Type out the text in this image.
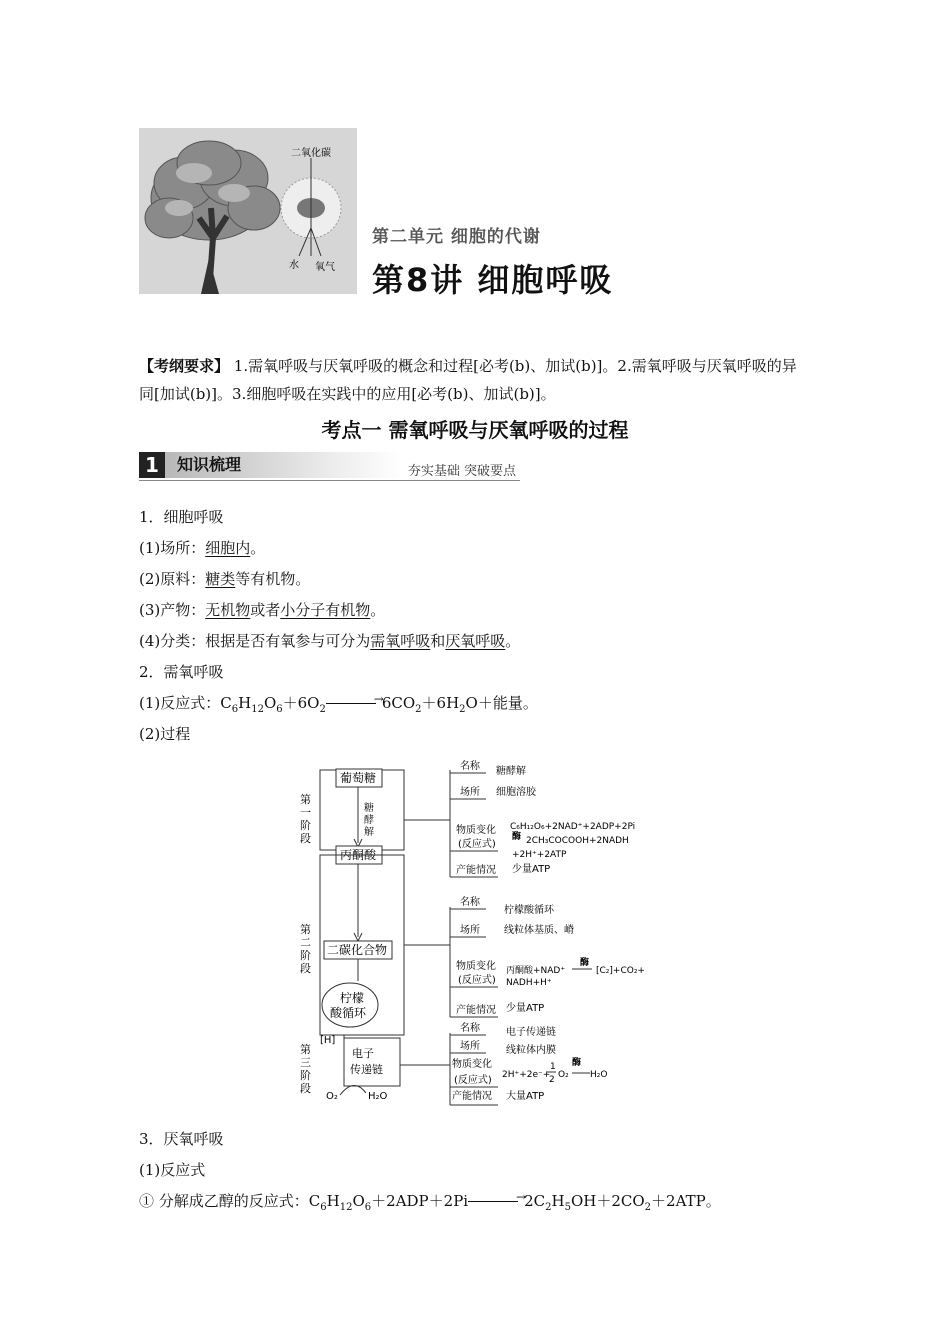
二氧化碳
水 氧气
第二单元 细胞的代谢
第8讲 细胞呼吸
【考纲要求】 1.需氧呼吸与厌氧呼吸的概念和过程[必考(b)、加试(b)]。2.需氧呼吸与厌氧呼吸的异同[加试(b)]。3.细胞呼吸在实践中的应用[必考(b)、加试(b)]。
考点一 需氧呼吸与厌氧呼吸的过程
1	知识梳理	夯实基础 突破要点
1．细胞呼吸
(1)场所：细胞内。
(2)原料：糖类等有机物。
(3)产物：无机物或者小分子有机物。
(4)分类：根据是否有氧参与可分为需氧呼吸和厌氧呼吸。
2．需氧呼吸
(1)反应式：$C_6H_{12}O_6+6O_2\to$	$6CO_2+6H_2O+$能量。
(2)过程
第
一
阶
段
第
二
阶
段
第
三
阶
段
葡萄糖
糖
酵
解
丙酮酸
二碳化合物
柠檬
酸循环
[H]
电子
传递链
O₂	H₂O
名称 糖酵解
场所 细胞溶胶
物质变化
(反应式)
C₆H₁₂O₆+2NAD⁺+2ADP+2Pi
酶 2CH₃COCOOH+2NADH
+2H⁺+2ATP
产能情况 少量ATP
名称
柠檬酸循环
场所 线粒体基质、嵴
物质变化
(反应式)
丙酮酸+NAD⁺
酶
[C₂]+CO₂+
NADH+H⁺
产能情况 少量ATP
名称	电子传递链
场所	线粒体内膜
物质变化
(反应式) 2H⁺+2e⁻+
1
2 O₂
酶
H₂O
产能情况 大量ATP
3．厌氧呼吸
(1)反应式
① 分解成乙醇的反应式：$C_6H_{12}O_6+2ADP+2Pi\to$	$2C_2H_5OH+2CO_2+2ATP$。
